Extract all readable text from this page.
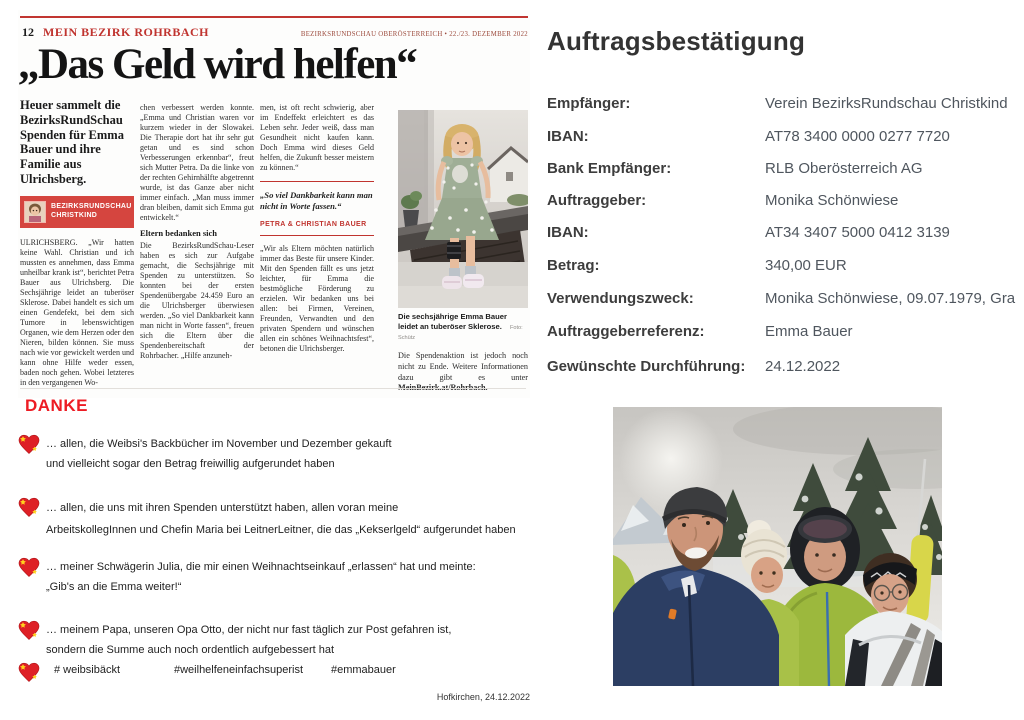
12 MEIN BEZIRK ROHRBACH	BEZIRKSRUNDSCHAU OBERÖSTERREICH • 22./23. DEZEMBER 2022
„Das Geld wird helfen“
Heuer sammelt die BezirksRundSchau Spenden für Emma Bauer und ihre Familie aus Ulrichsberg.
BEZIRKSRUNDSCHAU CHRISTKIND
ULRICHSBERG. „Wir hatten keine Wahl. Christian und ich mussten es annehmen, dass Emma unheilbar krank ist“, berichtet Petra Bauer aus Ulrichsberg. Die Sechsjährige leidet an tuberöser Sklerose. Dabei handelt es sich um einen Gendefekt, bei dem sich Tumore in lebenswichtigen Organen, wie dem Herzen oder den Nieren, bilden können. Sie muss nach wie vor gewickelt werden und kann ohne Hilfe weder essen, baden noch gehen. Wobei letzteres in den vergangenen Wo-
chen verbessert werden konnte. „Emma und Christian waren vor kurzem wieder in der Slowakei. Die Therapie dort hat ihr sehr gut getan und es sind schon Verbesserungen erkennbar“, freut sich Mutter Petra. Da die linke von der rechten Gehirnhälfte abgetrennt wurde, ist das Ganze aber nicht immer einfach. „Man muss immer dran bleiben, damit sich Emma gut entwickelt.“
Eltern bedanken sich
Die BezirksRundSchau-Leser haben es sich zur Aufgabe gemacht, die Sechsjährige mit Spenden zu unterstützen. So konnten bei der ersten Spendenübergabe 24.459 Euro an die Ulrichsberger überwiesen werden. „So viel Dankbarkeit kann man nicht in Worte fassen“, freuen sich die Eltern über die Spendenbereitschaft der Rohrbacher. „Hilfe anzuneh-
men, ist oft recht schwierig, aber im Endeffekt erleichtert es das Leben sehr. Jeder weiß, dass man Gesundheit nicht kaufen kann. Doch Emma wird dieses Geld helfen, die Zukunft besser meistern zu können.“
„So viel Dankbarkeit kann man nicht in Worte fassen.“
PETRA & CHRISTIAN BAUER
„Wir als Eltern möchten natürlich immer das Beste für unsere Kinder. Mit den Spenden fällt es uns jetzt leichter, für Emma die bestmögliche Förderung zu erzielen. Wir bedanken uns bei allen: bei Firmen, Vereinen, Freunden, Verwandten und den privaten Spendern und wünschen allen ein schönes Weihnachtsfest“, betonen die Ulrichsberger.
Die sechsjährige Emma Bauer leidet an tuberöser Sklerose. Foto: Schütz
Die Spendenaktion ist jedoch noch nicht zu Ende. Weitere Informationen dazu gibt es unter
Auftragsbestätigung
Empfänger:	Verein BezirksRundschau Christkind
IBAN:	AT78 3400 0000 0277 7720
Bank Empfänger:	RLB Oberösterreich AG
Auftraggeber:	Monika Schönwiese
IBAN:	AT34 3407 5000 0412 3139
Betrag:	340,00 EUR
Verwendungszweck:	Monika Schönwiese, 09.07.1979, Gra
Auftraggeberreferenz:	Emma Bauer
Gewünschte Durchführung:	24.12.2022
DANKE
… allen, die Weibsi's Backbücher im November und Dezember gekauft
und vielleicht sogar den Betrag freiwillig aufgerundet haben
… allen, die uns mit ihren Spenden unterstützt haben, allen voran meine
ArbeitskollegInnen und Chefin Maria bei LeitnerLeitner, die das „Kekserlgeld“ aufgerundet haben
… meiner Schwägerin Julia, die mir einen Weihnachtseinkauf „erlassen“ hat und meinte:
„Gib's an die Emma weiter!“
… meinem Papa, unseren Opa Otto, der nicht nur fast täglich zur Post gefahren ist,
sondern die Summe auch noch ordentlich aufgebessert hat
# weibsibäckt	#weilhelfeneinfachsuperist	#emmabauer
Hofkirchen, 24.12.2022
